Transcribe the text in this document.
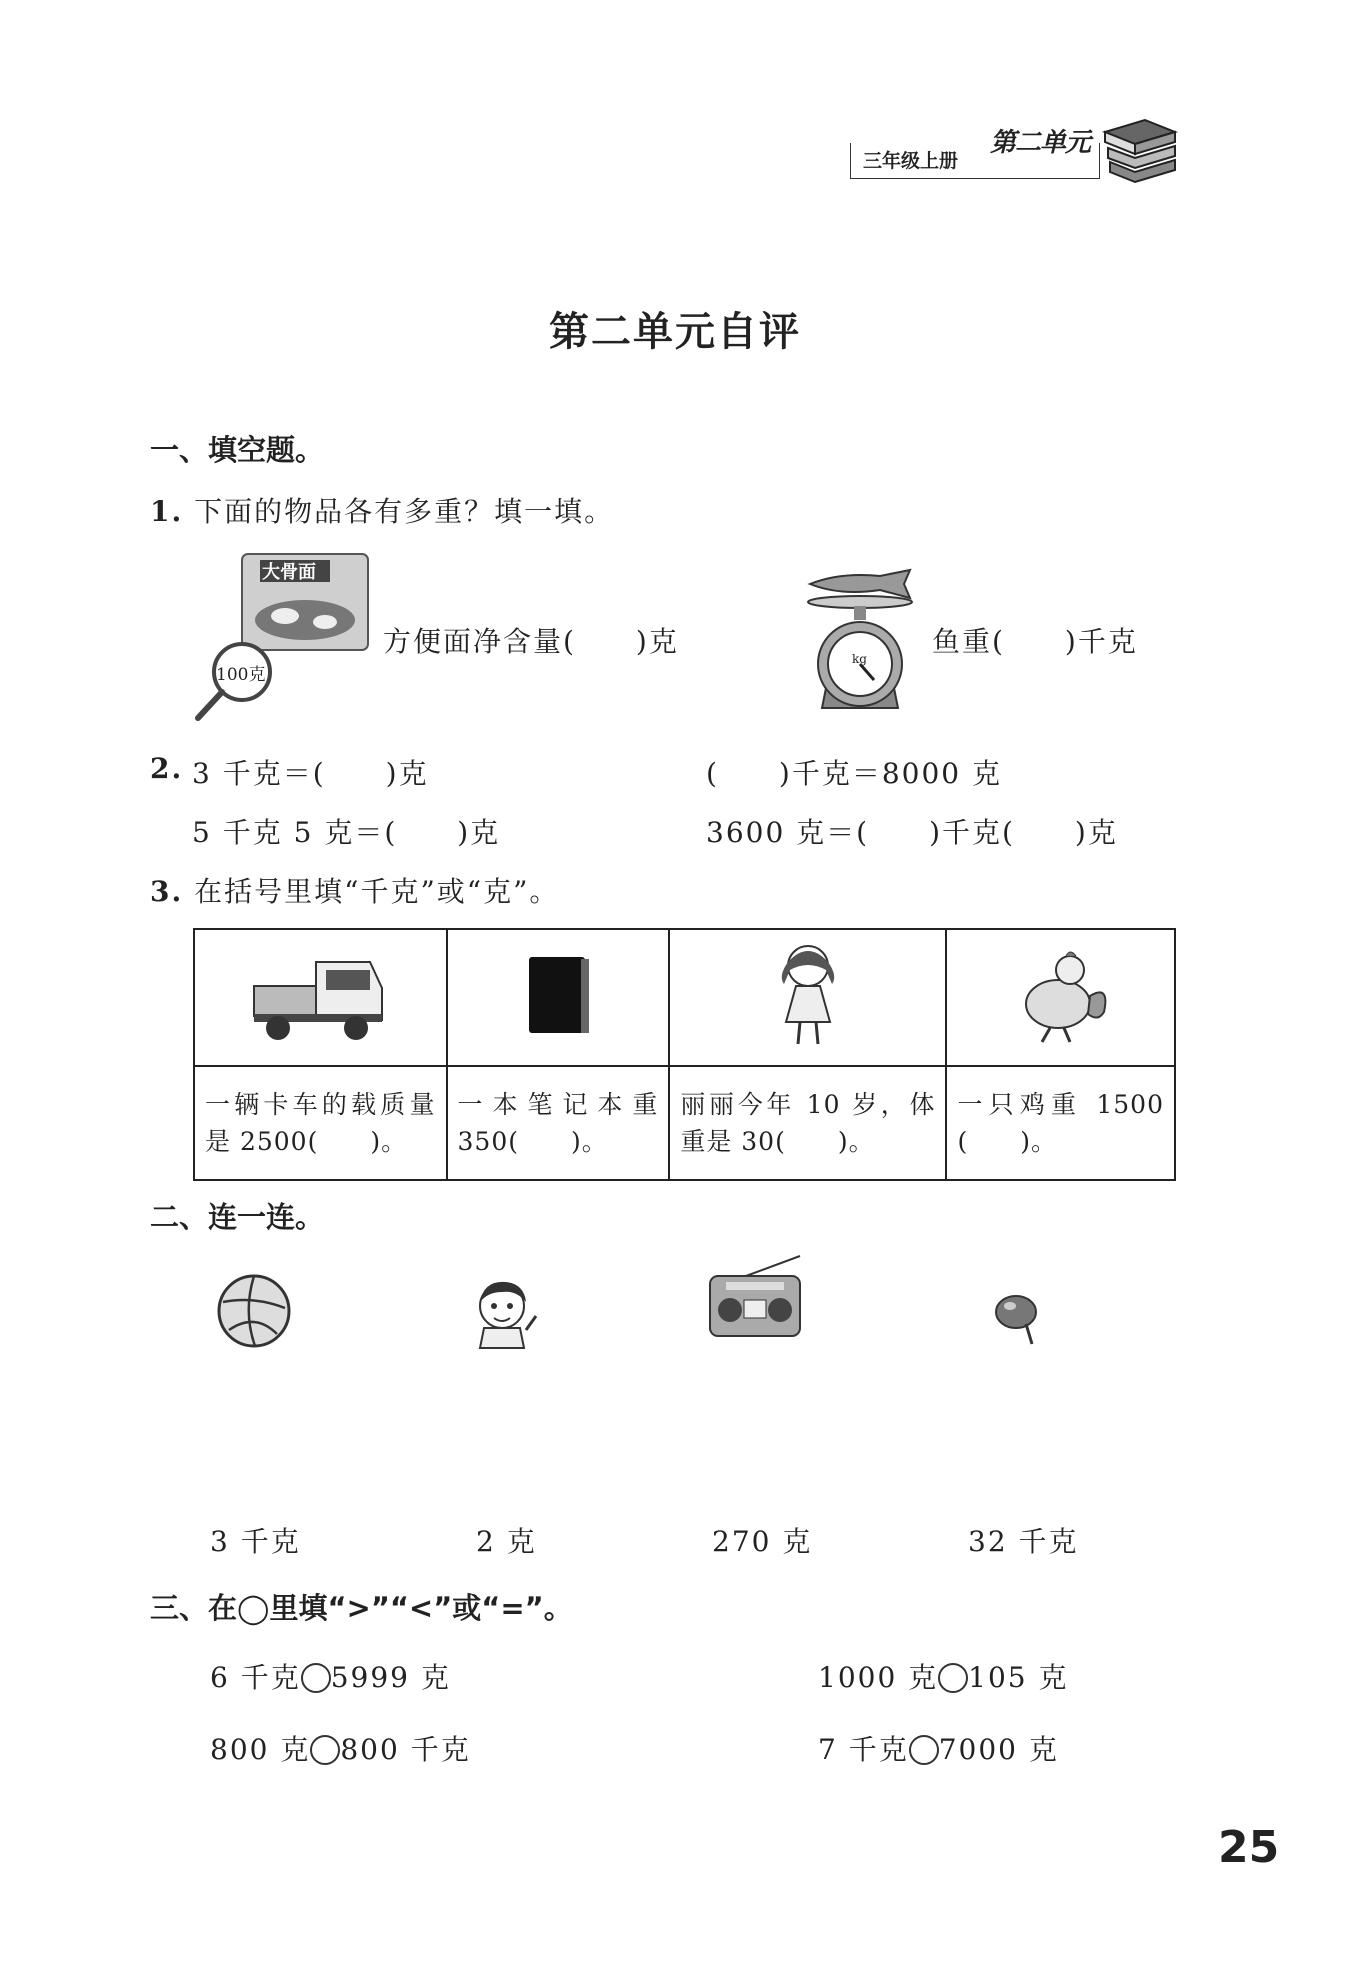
三年级上册
第二单元
第二单元自评
一、填空题。
1. 下面的物品各有多重？填一填。
大骨面
100克
方便面净含量(　　)克
kg
鱼重(　　)千克
2. 3 千克＝(　　)克	(　　)千克＝8000 克
5 千克 5 克＝(　　)克	3600 克＝(　　)千克(　　)克
3. 在括号里填“千克”或“克”。

一辆卡车的载质量是 2500(　　)。	一本笔记本重 350(　　)。	丽丽今年 10 岁，体重是 30(　　)。	一只鸡重 1500 (　　)。
二、连一连。
3 千克	2 克	270 克	32 千克
三、在◯里填“>”“<”或“=”。
6 千克 5999 克	1000 克 105 克
800 克 800 千克	7 千克 7000 克
25
